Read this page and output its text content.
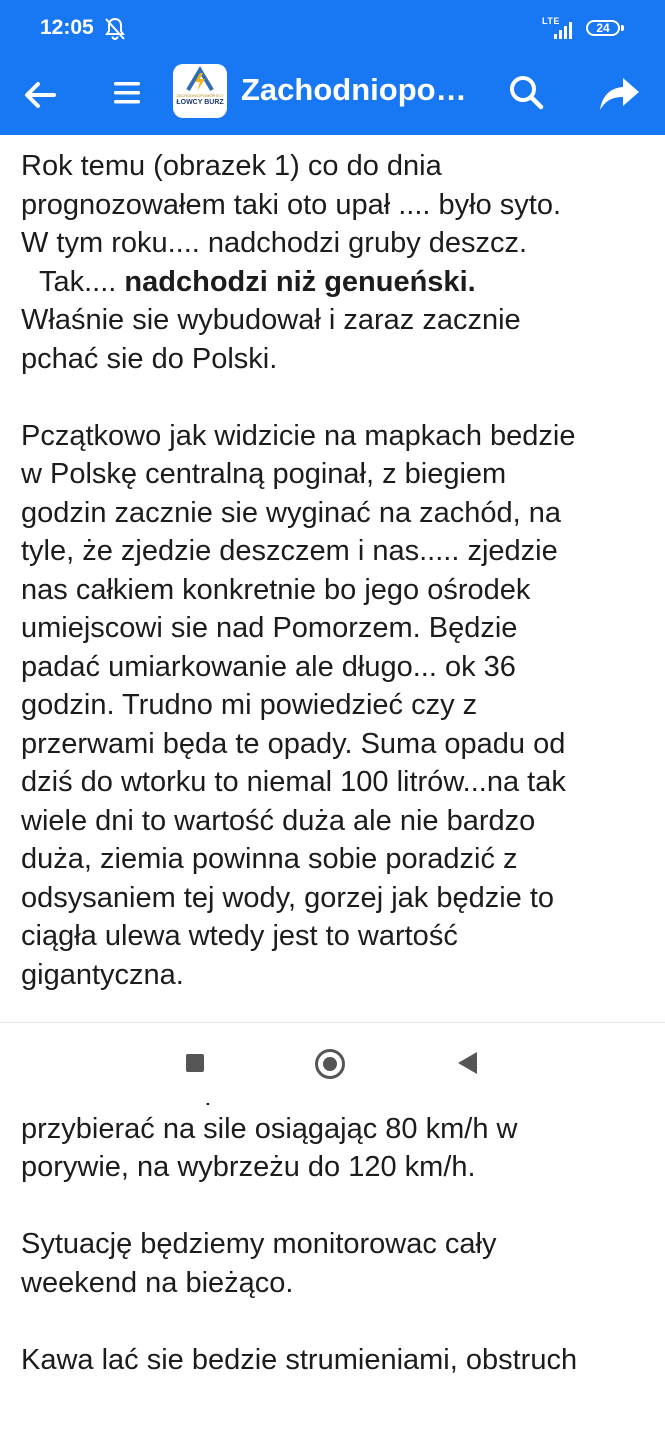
12:05	LTE	24
ZACHODNIOPOMORSCY
ŁOWCY BURZ Zachodniopo…

Rok temu (obrazek 1) co do dnia

prognozowałem taki oto upał .... było syto.

W tym roku.... nadchodzi gruby deszcz.

Tak.... nadchodzi niż genueński.

Właśnie sie wybudował i zaraz zacznie

pchać sie do Polski.

Pczątkowo jak widzicie na mapkach bedzie

w Polskę centralną poginał, z biegiem

godzin zacznie sie wyginać na zachód, na

tyle, że zjedzie deszczem i nas..... zjedzie

nas całkiem konkretnie bo jego ośrodek

umiejscowi sie nad Pomorzem. Będzie

padać umiarkowanie ale długo... ok 36

godzin. Trudno mi powiedzieć czy z

przerwami będa te opady. Suma opadu od

dziś do wtorku to niemal 100 litrów...na tak

wiele dni to wartość duża ale nie bardzo

duża, ziemia powinna sobie poradzić z

odsysaniem tej wody, gorzej jak będzie to

ciągła ulewa wtedy jest to wartość

gigantyczna.

przybierać na sile osiągając 80 km/h w

porywie, na wybrzeżu do 120 km/h.

Sytuację będziemy monitorowac cały

weekend na bieżąco.

Kawa lać sie bedzie strumieniami, obstruch
